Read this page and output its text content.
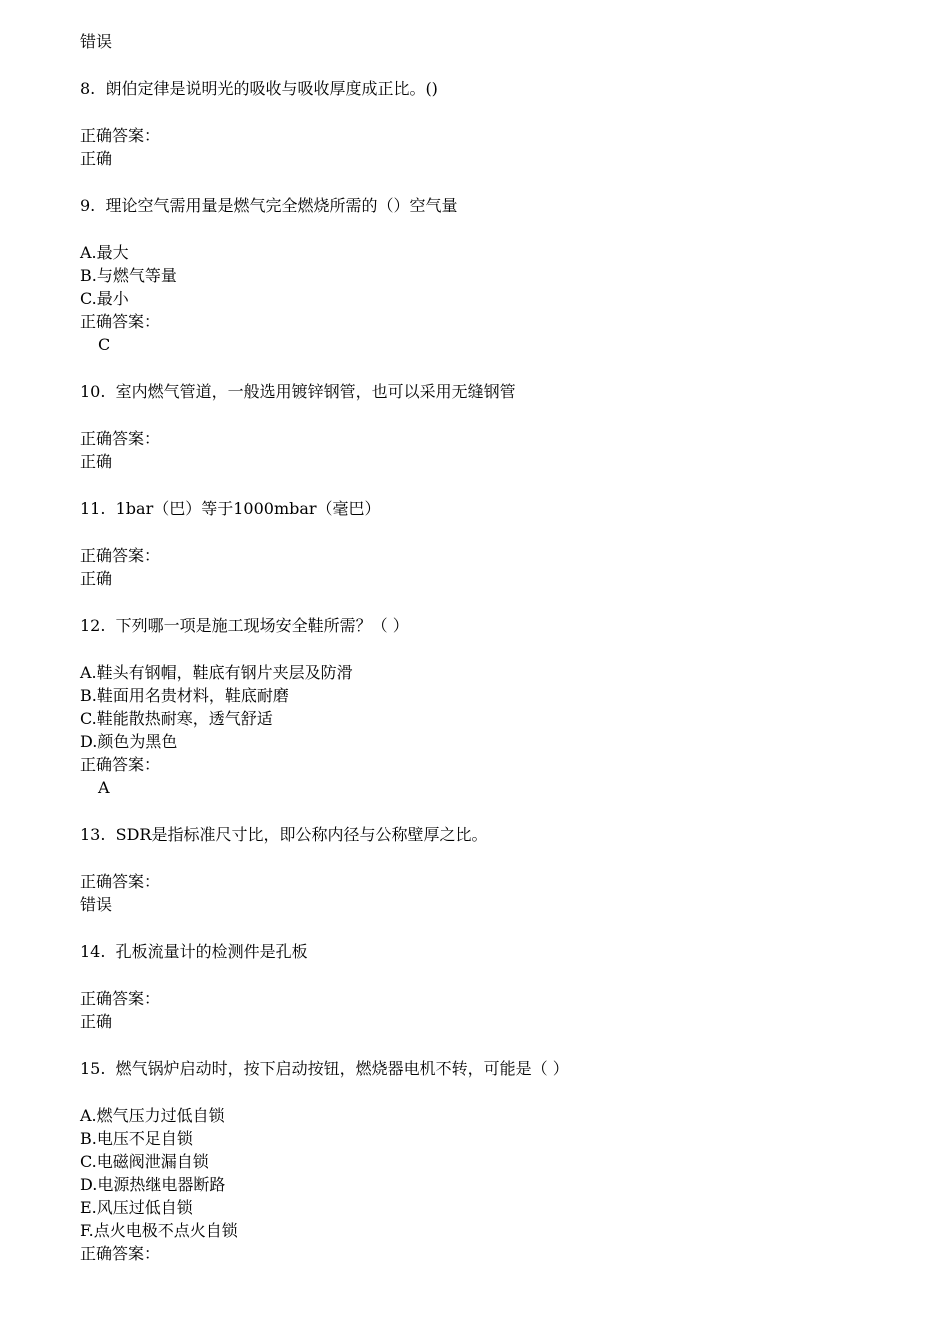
错误
8. 朗伯定律是说明光的吸收与吸收厚度成正比。()
正确答案：
正确
9. 理论空气需用量是燃气完全燃烧所需的（）空气量
A.最大
B.与燃气等量
C.最小
正确答案：
C
10. 室内燃气管道，一般选用镀锌钢管，也可以采用无缝钢管
正确答案：
正确
11. 1bar（巴）等于1000mbar（毫巴）
正确答案：
正确
12. 下列哪一项是施工现场安全鞋所需？（ ）
A.鞋头有钢帽，鞋底有钢片夹层及防滑
B.鞋面用名贵材料，鞋底耐磨
C.鞋能散热耐寒，透气舒适
D.颜色为黑色
正确答案：
A
13. SDR是指标准尺寸比，即公称内径与公称壁厚之比。
正确答案：
错误
14. 孔板流量计的检测件是孔板
正确答案：
正确
15. 燃气锅炉启动时，按下启动按钮，燃烧器电机不转，可能是（ ）
A.燃气压力过低自锁
B.电压不足自锁
C.电磁阀泄漏自锁
D.电源热继电器断路
E.风压过低自锁
F.点火电极不点火自锁
正确答案：
